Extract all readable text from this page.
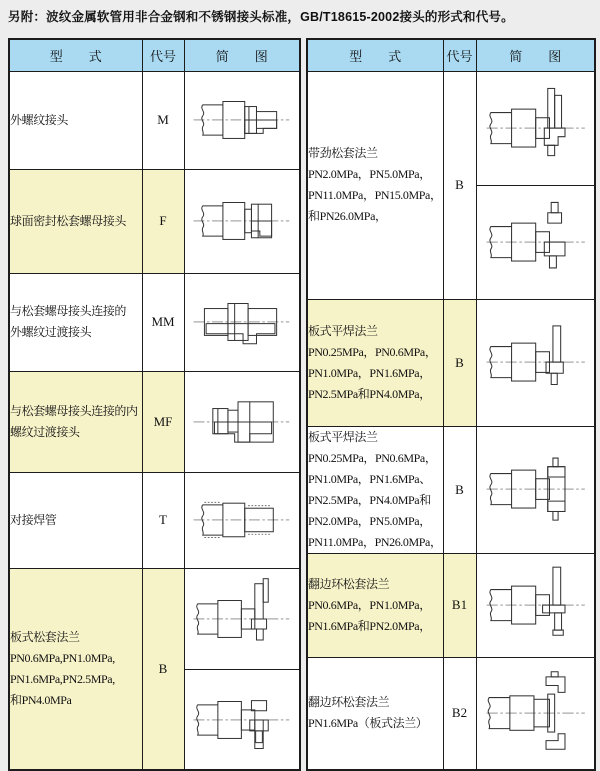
另附：波纹金属软管用非合金钢和不锈钢接头标准，GB/T18615-2002接头的形式和代号。
型　　式	代号	简　　图

外螺纹接头	M	

球面密封松套螺母接头	F	

与松套螺母接头连接的
外螺纹过渡接头	MM	

与松套螺母接头连接的内
螺纹过渡接头	MF	

对接焊管	T	

板式松套法兰
PN0.6MPa,PN1.0MPa,
PN1.6MPa,PN2.5MPa,
和PN4.0MPa	B	

型　　式	代号	简　　图

带劲松套法兰
PN2.0MPa，PN5.0MPa，
PN11.0MPa，PN15.0MPa，
和PN26.0MPa，	B	

板式平焊法兰
PN0.25MPa，PN0.6MPa，
PN1.0MPa，PN1.6MPa，
PN2.5MPa和PN4.0MPa，	B	

板式平焊法兰
PN0.25MPa，PN0.6MPa，
PN1.0MPa，PN1.6MPa、
PN2.5MPa，PN4.0MPa和
PN2.0MPa，PN5.0MPa，
PN11.0MPa，PN26.0MPa，
	B	

翻边环松套法兰
PN0.6MPa，PN1.0MPa，
PN1.6MPa和PN2.0MPa，	B1	

翻边环松套法兰
PN1.6MPa（板式法兰）	B2	
